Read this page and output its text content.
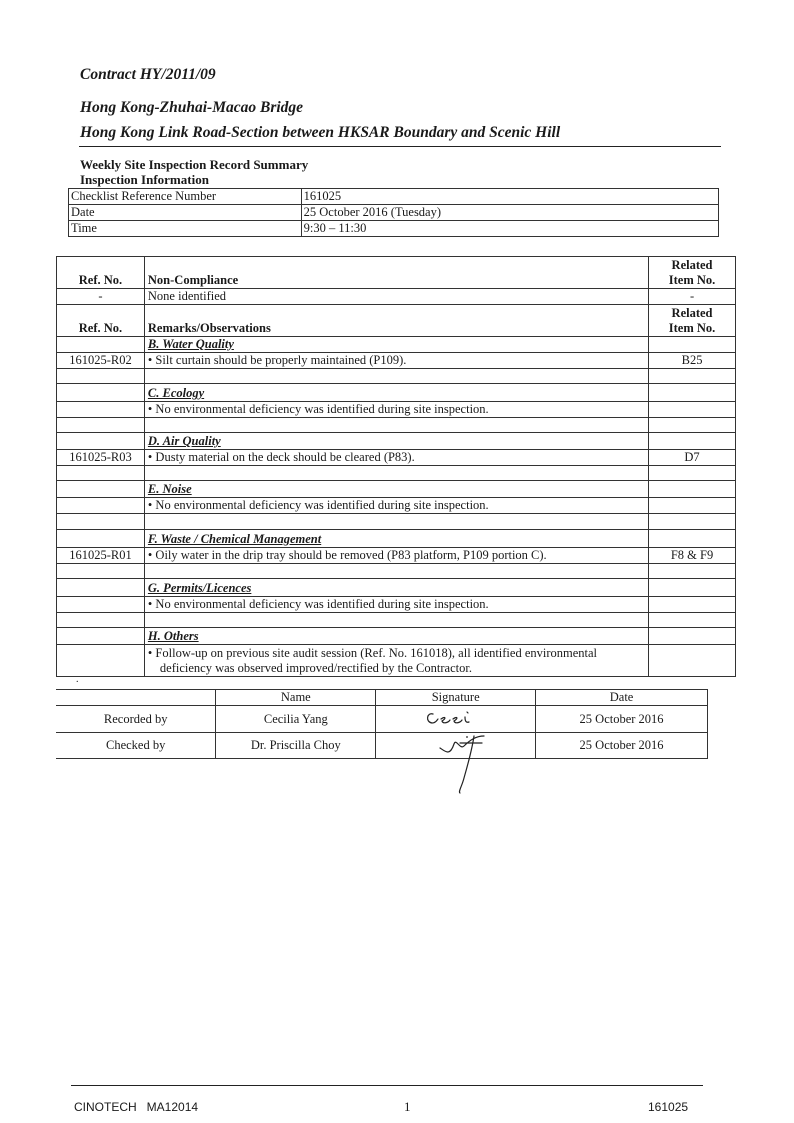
Contract HY/2011/09
Hong Kong-Zhuhai-Macao Bridge
Hong Kong Link Road-Section between HKSAR Boundary and Scenic Hill
Weekly Site Inspection Record Summary
Inspection Information
Checklist Reference Number	161025
Date	25 October 2016 (Tuesday)
Time	9:30 – 11:30
Ref. No.	Non-Compliance	Related
Item No.
-	None identified	-
Ref. No.	Remarks/Observations	Related
Item No.
	B. Water Quality	
161025-R02	• Silt curtain should be properly maintained (P109).	B25

	C. Ecology	
	• No environmental deficiency was identified during site inspection.	

	D. Air Quality	
161025-R03	• Dusty material on the deck should be cleared (P83).	D7

	E. Noise	
	• No environmental deficiency was identified during site inspection.	

	F. Waste / Chemical Management	
161025-R01	• Oily water in the drip tray should be removed (P83 platform, P109 portion C).	F8 & F9

	G. Permits/Licences	
	• No environmental deficiency was identified during site inspection.	

	H. Others	
	• Follow-up on previous site audit session (Ref. No. 161018), all identified environmental
deficiency was observed improved/rectified by the Contractor.	
.
	Name	Signature	Date
Recorded by	Cecilia Yang		25 October 2016
Checked by	Dr. Priscilla Choy		25 October 2016
CINOTECH   MA12014	1	161025
